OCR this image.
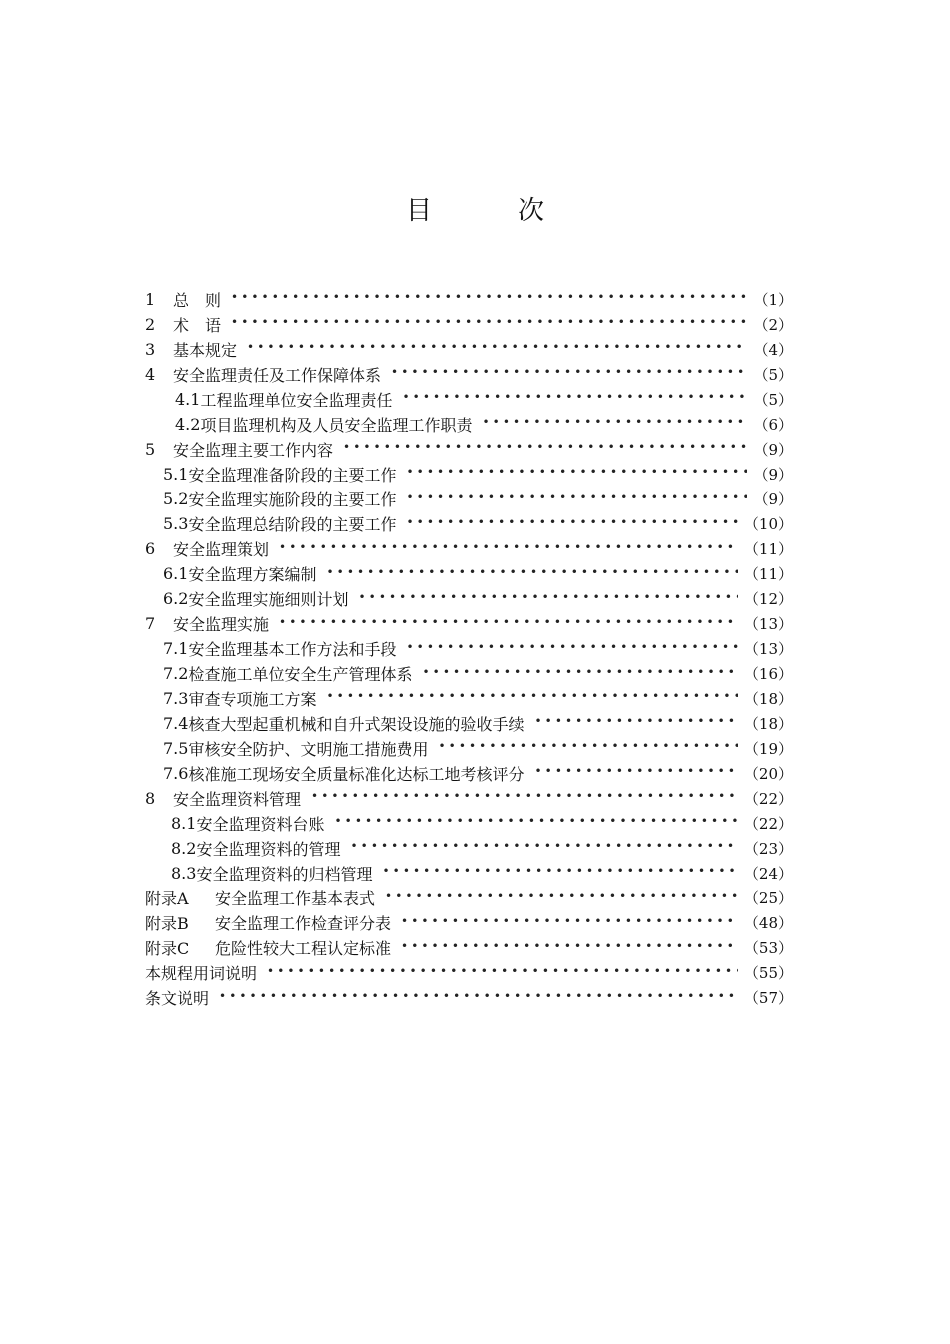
目　次
1	总　则 •••••	（1）
2	术　语 •••••	（2）
3	基本规定 •••••	（4）
4	安全监理责任及工作保障体系 •••••	（5）
4.1 工程监理单位安全监理责任 •••••	（5）
4.2 项目监理机构及人员安全监理工作职责 •••••	（6）
5	安全监理主要工作内容 •••••	（9）
5.1 安全监理准备阶段的主要工作 •••••	（9）
5.2 安全监理实施阶段的主要工作 •••••	（9）
5.3 安全监理总结阶段的主要工作 •••••	（10）
6	安全监理策划 •••••	（11）
6.1 安全监理方案编制 •••••	（11）
6.2 安全监理实施细则计划 •••••	（12）
7	安全监理实施 •••••	（13）
7.1 安全监理基本工作方法和手段 •••••	（13）
7.2 检查施工单位安全生产管理体系 •••••	（16）
7.3 审查专项施工方案 •••••	（18）
7.4 核查大型起重机械和自升式架设设施的验收手续 •••••	（18）
7.5 审核安全防护、文明施工措施费用 •••••	（19）
7.6 核准施工现场安全质量标准化达标工地考核评分 •••••	（20）
8	安全监理资料管理 •••••	（22）
8.1 安全监理资料台账 •••••	（22）
8.2 安全监理资料的管理 •••••	（23）
8.3 安全监理资料的归档管理 •••••	（24）
附录A	安全监理工作基本表式 •••••	（25）
附录B	安全监理工作检查评分表 •••••	（48）
附录C	危险性较大工程认定标准 •••••	（53）
本规程用词说明 •••••	（55）
条文说明 •••••	（57）
